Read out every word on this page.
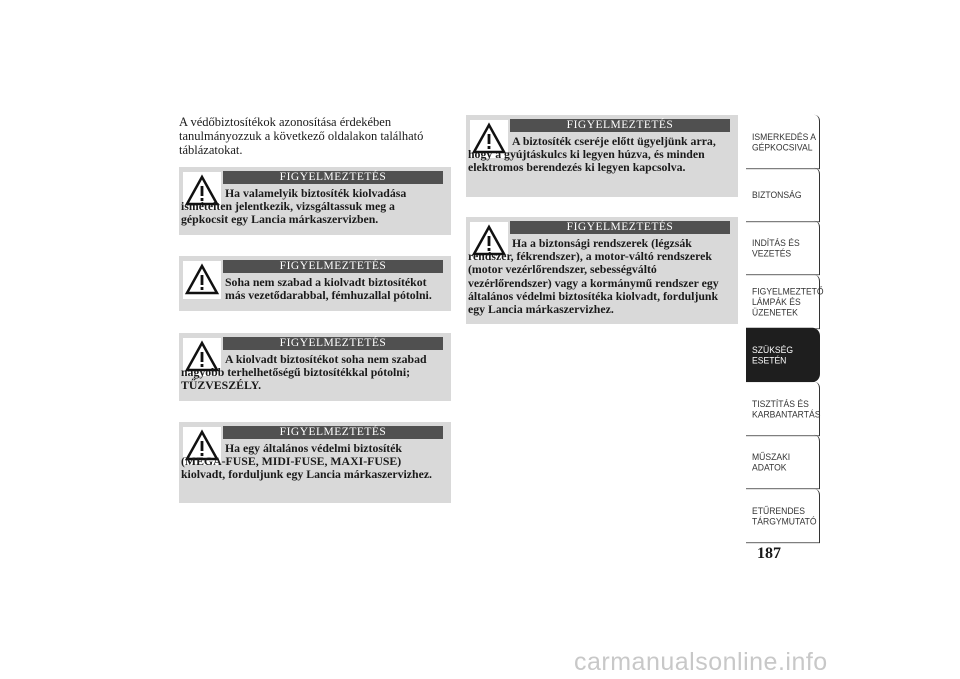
A védőbiztosítékok azonosítása érdekében tanulmányozzuk a következő oldalakon található táblázatokat.
FIGYELMEZTETÉS
Ha valamelyik biztosíték kiolvadása ismételten jelentkezik, vizsgáltassuk meg a gépkocsit egy Lancia márkaszervizben.
FIGYELMEZTETÉS
Soha nem szabad a kiolvadt biztosítékot más vezetődarabbal, fémhuzallal pótolni.
FIGYELMEZTETÉS
A kiolvadt biztosítékot soha nem szabad nagyobb terhelhetőségű biztosítékkal pótolni; TŰZVESZÉLY.
FIGYELMEZTETÉS
Ha egy általános védelmi biztosíték (MEGA-FUSE, MIDI-FUSE, MAXI-FUSE) kiolvadt, forduljunk egy Lancia márkaszervizhez.
FIGYELMEZTETÉS
A biztosíték cseréje előtt ügyeljünk arra, hogy a gyújtáskulcs ki legyen húzva, és minden elektromos berendezés ki legyen kapcsolva.
FIGYELMEZTETÉS
Ha a biztonsági rendszerek (légzsák rendszer, fékrendszer), a motor-váltó rendszerek (motor vezérlőrendszer, sebességváltó vezérlőrendszer) vagy a kormánymű rendszer egy általános védelmi biztosítéka kiolvadt, forduljunk egy Lancia márkaszervizhez.
ISMERKEDÉS A GÉPKOCSIVAL
BIZTONSÁG
INDÍTÁS ÉS VEZETÉS
FIGYELMEZTETŐ LÁMPÁK ÉS ÜZENETEK
SZÜKSÉG ESETÉN
TISZTÍTÁS ÉS KARBANTARTÁS
MŰSZAKI ADATOK
ETŰRENDES TÁRGYMUTATÓ
187
carmanualsonline.info
